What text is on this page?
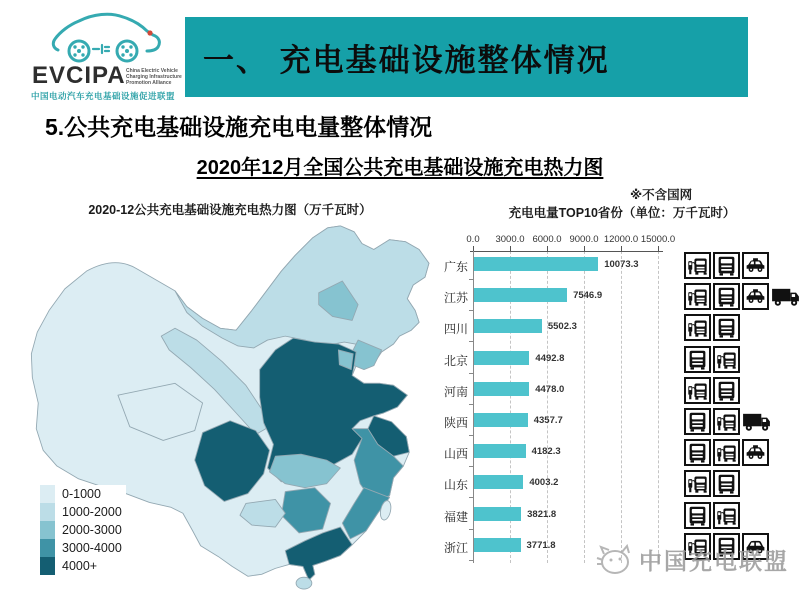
EVCIPA China Electric Vehicle
Charging Infrastructure
Promotion Alliance
中国电动汽车充电基础设施促进联盟
一、 充电基础设施整体情况
5.公共充电基础设施充电电量整体情况
2020年12月全国公共充电基础设施充电热力图
2020-12公共充电基础设施充电热力图（万千瓦时）
0-1000
1000-2000
2000-3000
3000-4000
4000+
※不含国网
充电电量TOP10省份（单位：万千瓦时）
0.0 3000.0 6000.0 9000.0 12000.0 15000.0
广东	10073.3
江苏	7546.9
四川	5502.3
北京	4492.8
河南	4478.0
陕西	4357.7
山西	4182.3
山东	4003.2
福建	3821.8
浙江	3771.8
中国充电联盟
